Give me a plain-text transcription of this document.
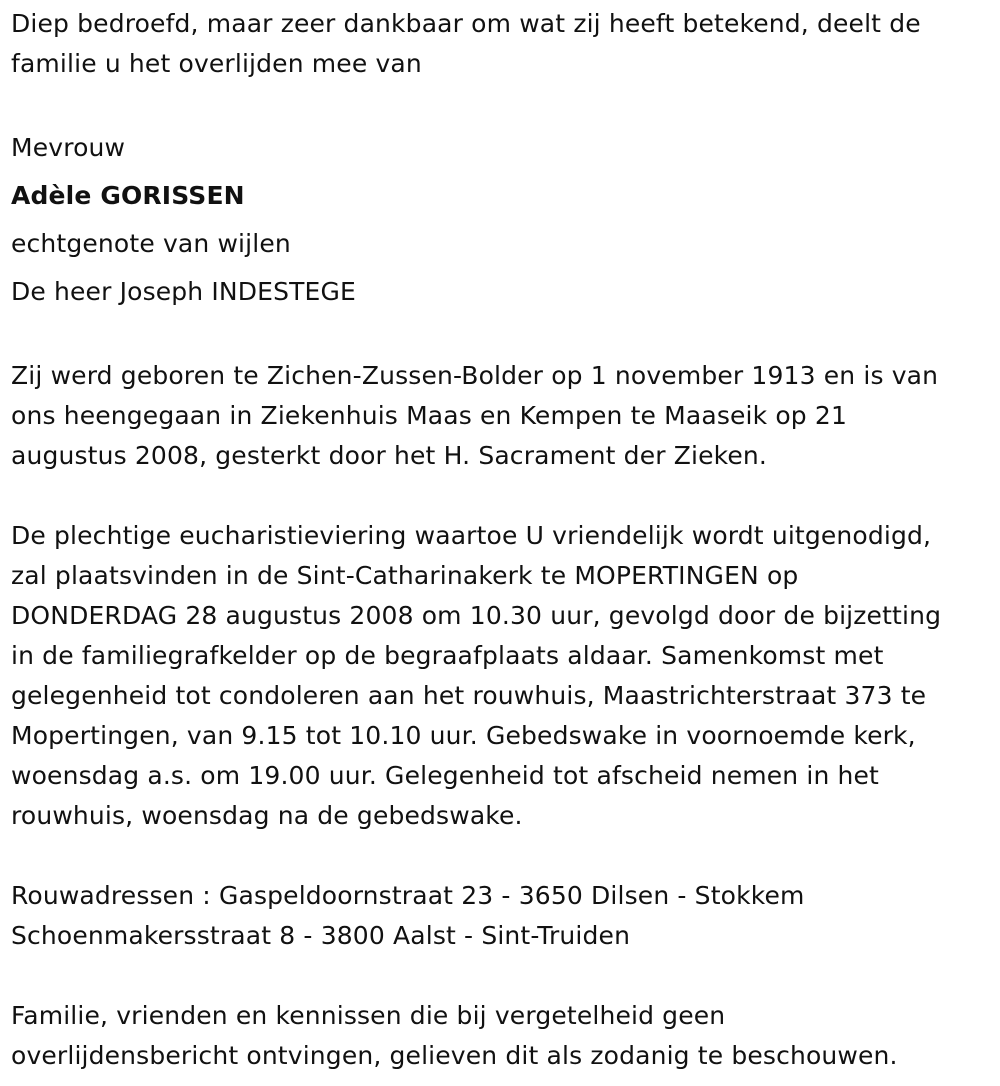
Diep bedroefd, maar zeer dankbaar om wat zij heeft betekend, deelt de
familie u het overlijden mee van
Mevrouw
Adèle GORISSEN
echtgenote van wijlen
De heer Joseph INDESTEGE
Zij werd geboren te Zichen-Zussen-Bolder op 1 november 1913 en is van
ons heengegaan in Ziekenhuis Maas en Kempen te Maaseik op 21
augustus 2008, gesterkt door het H. Sacrament der Zieken.
De plechtige eucharistieviering waartoe U vriendelijk wordt uitgenodigd,
zal plaatsvinden in de Sint-Catharinakerk te MOPERTINGEN op
DONDERDAG 28 augustus 2008 om 10.30 uur, gevolgd door de bijzetting
in de familiegrafkelder op de begraafplaats aldaar. Samenkomst met
gelegenheid tot condoleren aan het rouwhuis, Maastrichterstraat 373 te
Mopertingen, van 9.15 tot 10.10 uur. Gebedswake in voornoemde kerk,
woensdag a.s. om 19.00 uur. Gelegenheid tot afscheid nemen in het
rouwhuis, woensdag na de gebedswake.
Rouwadressen : Gaspeldoornstraat 23 - 3650 Dilsen - Stokkem
Schoenmakersstraat 8 - 3800 Aalst - Sint-Truiden
Familie, vrienden en kennissen die bij vergetelheid geen
overlijdensbericht ontvingen, gelieven dit als zodanig te beschouwen.
